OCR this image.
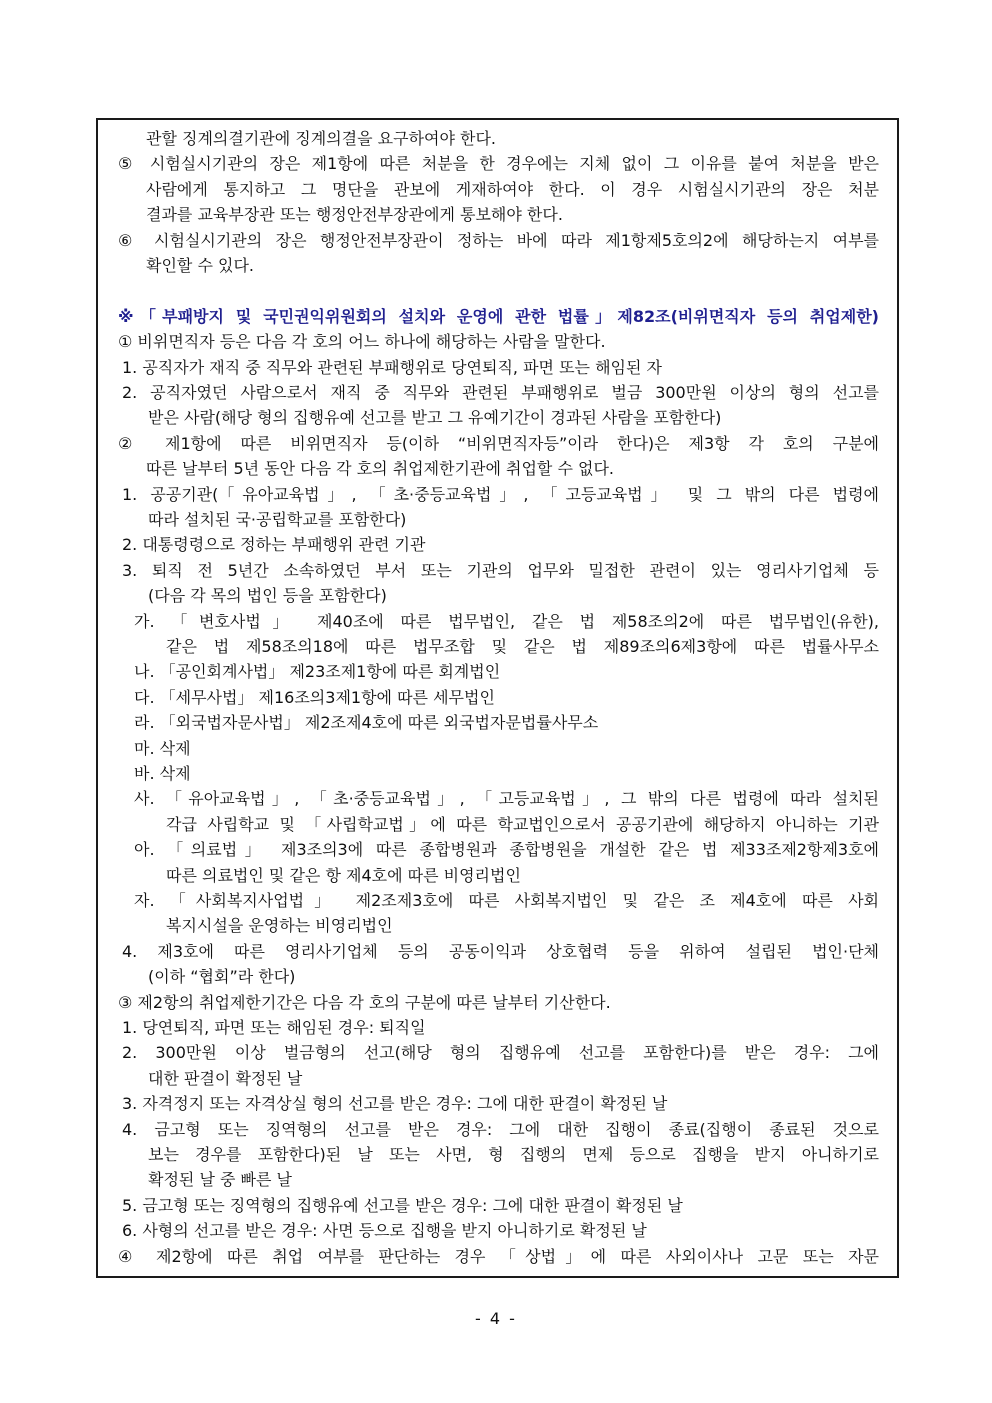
관할 징계의결기관에 징계의결을 요구하여야 한다.
⑤ 시험실시기관의 장은 제1항에 따른 처분을 한 경우에는 지체 없이 그 이유를 붙여 처분을 받은
사람에게 통지하고 그 명단을 관보에 게재하여야 한다. 이 경우 시험실시기관의 장은 처분
결과를 교육부장관 또는 행정안전부장관에게 통보해야 한다.
⑥ 시험실시기관의 장은 행정안전부장관이 정하는 바에 따라 제1항제5호의2에 해당하는지 여부를
확인할 수 있다.
※「부패방지 및 국민권익위원회의 설치와 운영에 관한 법률」제82조(비위면직자 등의 취업제한)
① 비위면직자 등은 다음 각 호의 어느 하나에 해당하는 사람을 말한다.
1. 공직자가 재직 중 직무와 관련된 부패행위로 당연퇴직, 파면 또는 해임된 자
2. 공직자였던 사람으로서 재직 중 직무와 관련된 부패행위로 벌금 300만원 이상의 형의 선고를
받은 사람(해당 형의 집행유예 선고를 받고 그 유예기간이 경과된 사람을 포함한다)
② 제1항에 따른 비위면직자 등(이하 “비위면직자등”이라 한다)은 제3항 각 호의 구분에
따른 날부터 5년 동안 다음 각 호의 취업제한기관에 취업할 수 없다.
1. 공공기관(「유아교육법」, 「초·중등교육법」, 「고등교육법」 및 그 밖의 다른 법령에
따라 설치된 국·공립학교를 포함한다)
2. 대통령령으로 정하는 부패행위 관련 기관
3. 퇴직 전 5년간 소속하였던 부서 또는 기관의 업무와 밀접한 관련이 있는 영리사기업체 등
(다음 각 목의 법인 등을 포함한다)
가. 「변호사법」 제40조에 따른 법무법인, 같은 법 제58조의2에 따른 법무법인(유한),
같은 법 제58조의18에 따른 법무조합 및 같은 법 제89조의6제3항에 따른 법률사무소
나. 「공인회계사법」 제23조제1항에 따른 회계법인
다. 「세무사법」 제16조의3제1항에 따른 세무법인
라. 「외국법자문사법」 제2조제4호에 따른 외국법자문법률사무소
마. 삭제
바. 삭제
사. 「유아교육법」, 「초·중등교육법」, 「고등교육법」, 그 밖의 다른 법령에 따라 설치된
각급 사립학교 및 「사립학교법」에 따른 학교법인으로서 공공기관에 해당하지 아니하는 기관
아. 「의료법」 제3조의3에 따른 종합병원과 종합병원을 개설한 같은 법 제33조제2항제3호에
따른 의료법인 및 같은 항 제4호에 따른 비영리법인
자. 「사회복지사업법」 제2조제3호에 따른 사회복지법인 및 같은 조 제4호에 따른 사회
복지시설을 운영하는 비영리법인
4. 제3호에 따른 영리사기업체 등의 공동이익과 상호협력 등을 위하여 설립된 법인·단체
(이하 “협회”라 한다)
③ 제2항의 취업제한기간은 다음 각 호의 구분에 따른 날부터 기산한다.
1. 당연퇴직, 파면 또는 해임된 경우: 퇴직일
2. 300만원 이상 벌금형의 선고(해당 형의 집행유예 선고를 포함한다)를 받은 경우: 그에
대한 판결이 확정된 날
3. 자격정지 또는 자격상실 형의 선고를 받은 경우: 그에 대한 판결이 확정된 날
4. 금고형 또는 징역형의 선고를 받은 경우: 그에 대한 집행이 종료(집행이 종료된 것으로
보는 경우를 포함한다)된 날 또는 사면, 형 집행의 면제 등으로 집행을 받지 아니하기로
확정된 날 중 빠른 날
5. 금고형 또는 징역형의 집행유예 선고를 받은 경우: 그에 대한 판결이 확정된 날
6. 사형의 선고를 받은 경우: 사면 등으로 집행을 받지 아니하기로 확정된 날
④ 제2항에 따른 취업 여부를 판단하는 경우 「상법」에 따른 사외이사나 고문 또는 자문
- 4 -
